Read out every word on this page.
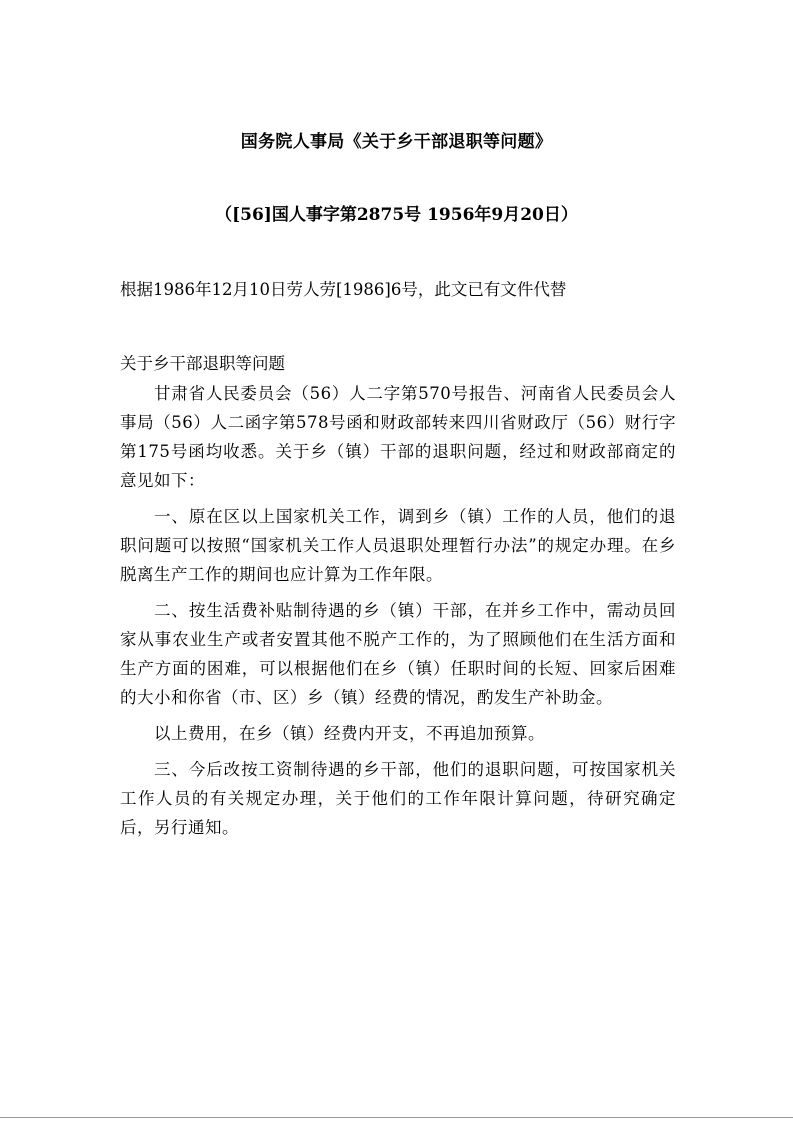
国务院人事局《关于乡干部退职等问题》
（[56]国人事字第2875号 1956年9月20日）

根据1986年12月10日劳人劳[1986]6号，此文已有文件代替

关于乡干部退职等问题

甘肃省人民委员会（56）人二字第570号报告、河南省人民委员会人事局（56）人二函字第578号函和财政部转来四川省财政厅（56）财行字第175号函均收悉。关于乡（镇）干部的退职问题，经过和财政部商定的意见如下：

一、原在区以上国家机关工作，调到乡（镇）工作的人员，他们的退职问题可以按照“国家机关工作人员退职处理暂行办法”的规定办理。在乡脱离生产工作的期间也应计算为工作年限。

二、按生活费补贴制待遇的乡（镇）干部，在并乡工作中，需动员回家从事农业生产或者安置其他不脱产工作的，为了照顾他们在生活方面和生产方面的困难，可以根据他们在乡（镇）任职时间的长短、回家后困难的大小和你省（市、区）乡（镇）经费的情况，酌发生产补助金。

以上费用，在乡（镇）经费内开支，不再追加预算。

三、今后改按工资制待遇的乡干部，他们的退职问题，可按国家机关工作人员的有关规定办理，关于他们的工作年限计算问题，待研究确定后，另行通知。
